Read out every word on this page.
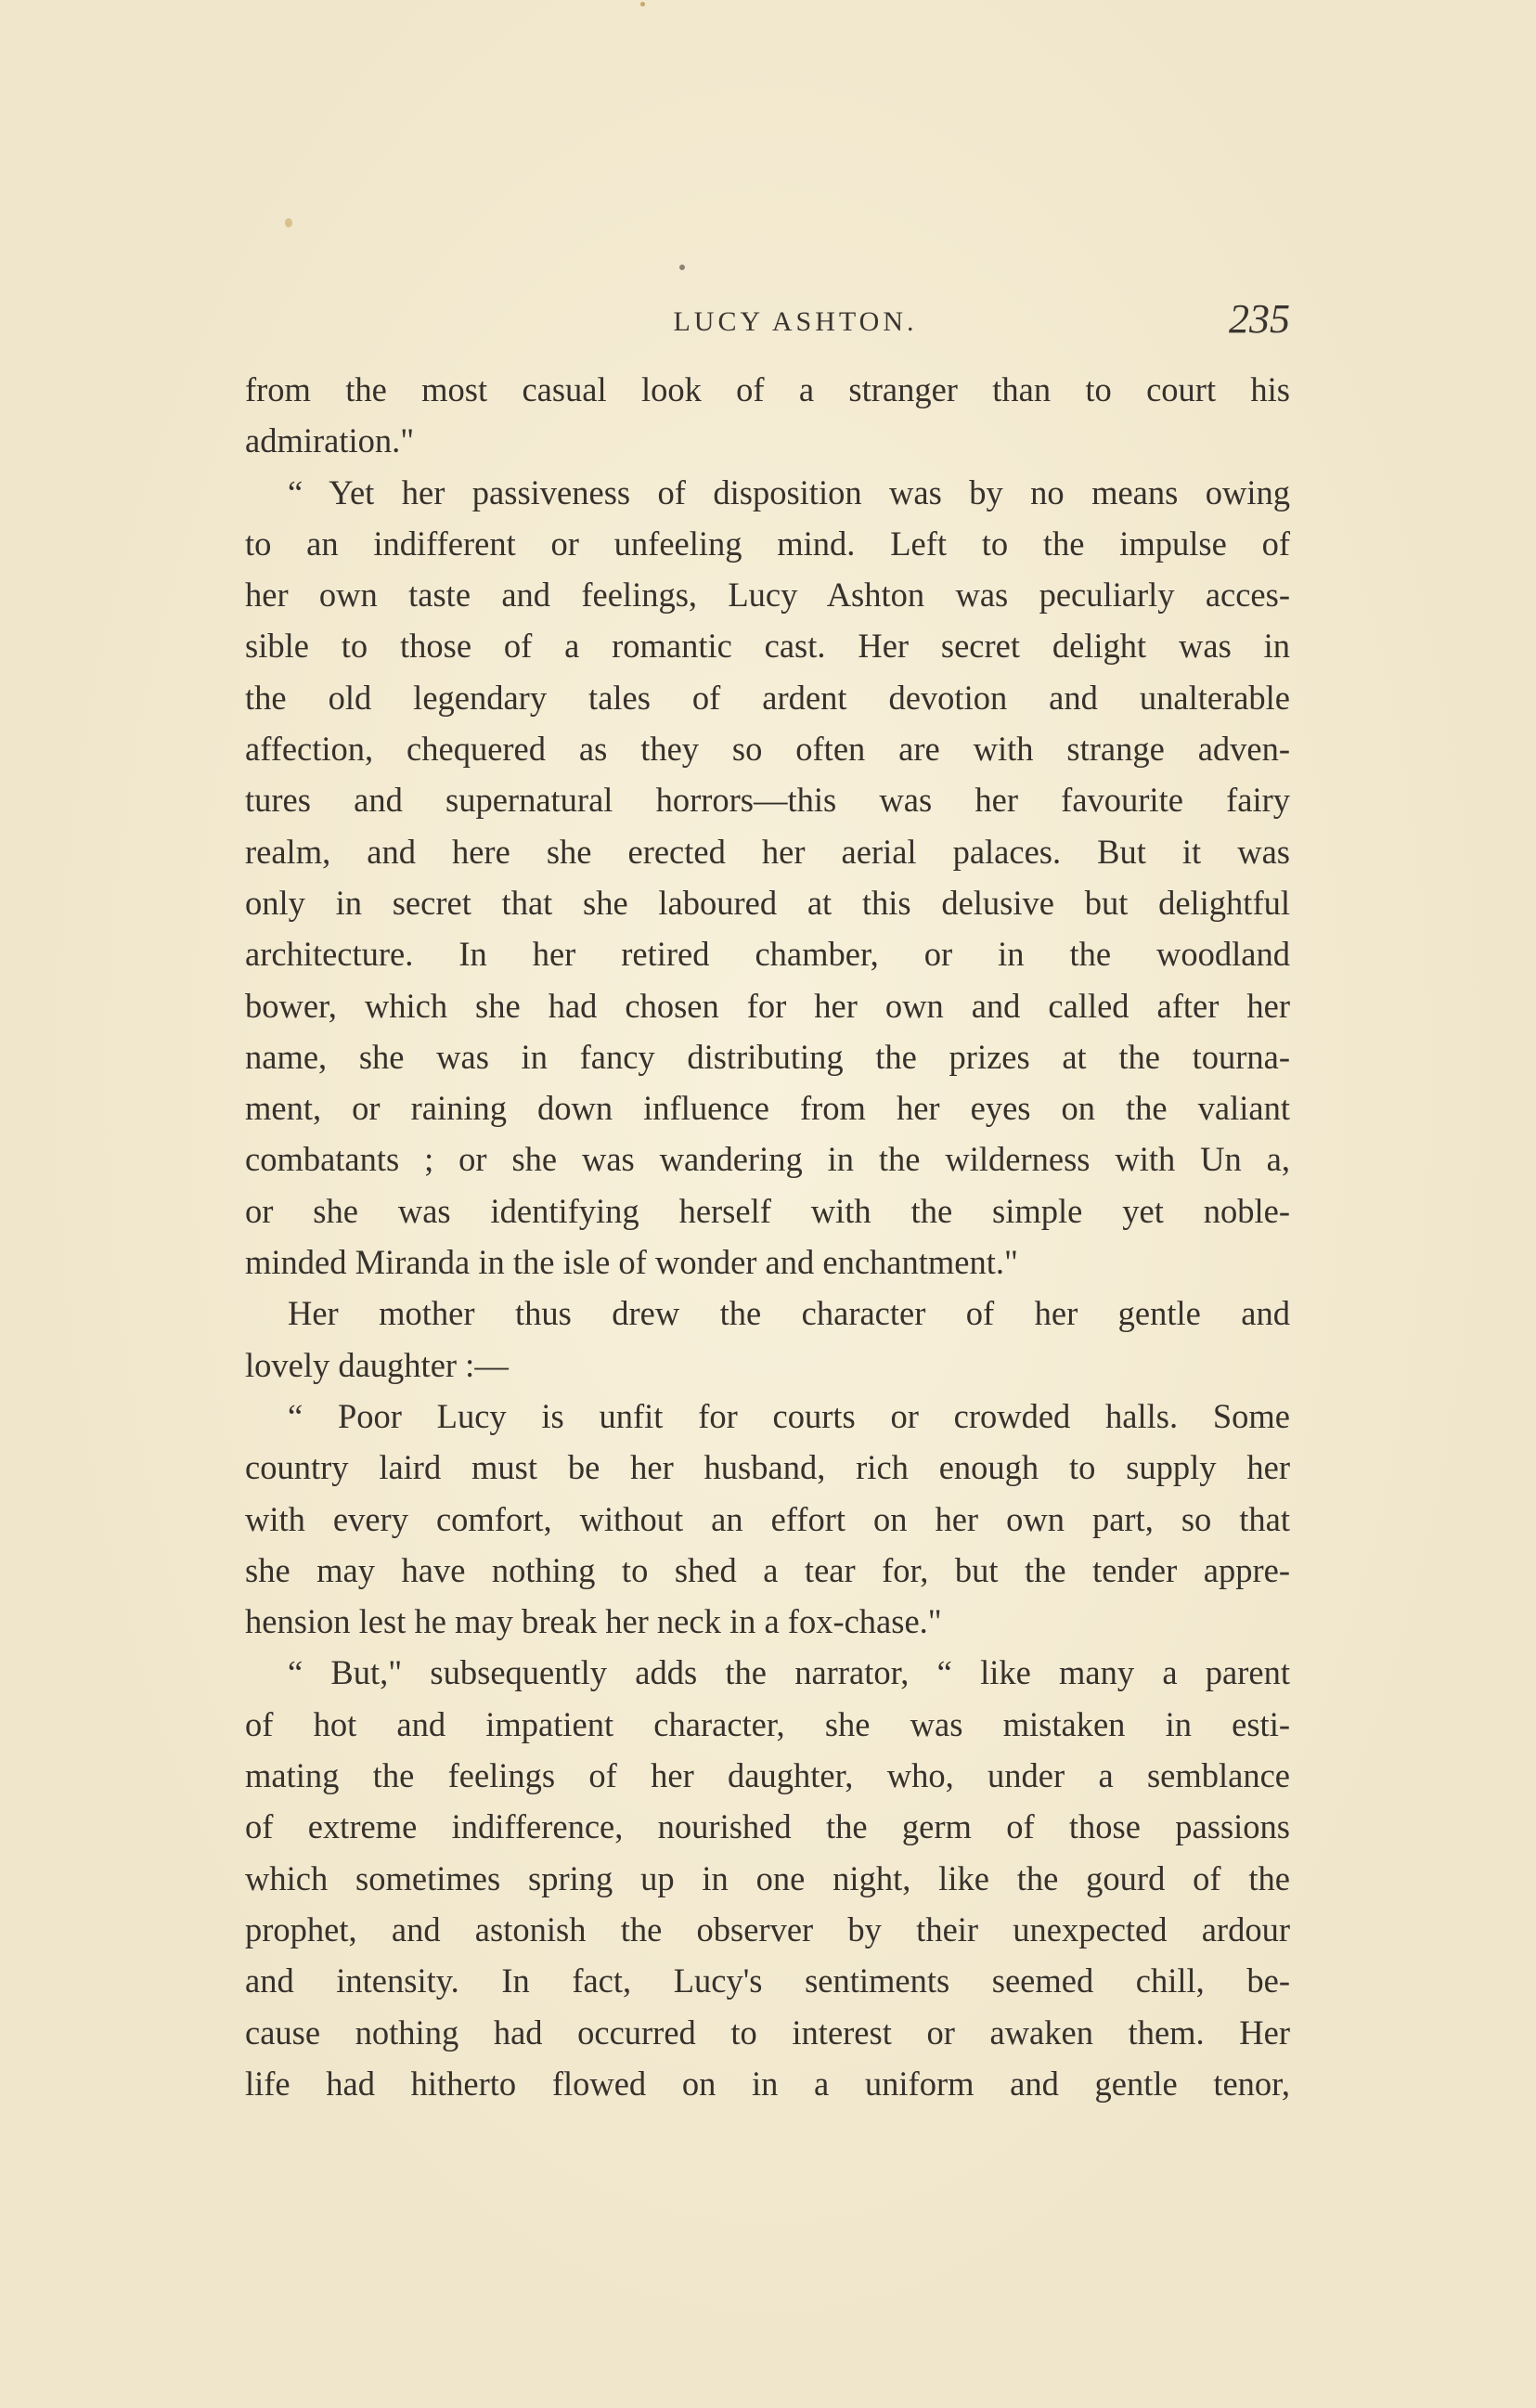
LUCY ASHTON.	235
from the most casual look of a stranger than to court his
admiration."
“ Yet her passiveness of disposition was by no means owing
to an indifferent or unfeeling mind. Left to the impulse of
her own taste and feelings, Lucy Ashton was peculiarly acces-
sible to those of a romantic cast. Her secret delight was in
the old legendary tales of ardent devotion and unalterable
affection, chequered as they so often are with strange adven-
tures and supernatural horrors—this was her favourite fairy
realm, and here she erected her aerial palaces. But it was
only in secret that she laboured at this delusive but delightful
architecture. In her retired chamber, or in the woodland
bower, which she had chosen for her own and called after her
name, she was in fancy distributing the prizes at the tourna-
ment, or raining down influence from her eyes on the valiant
combatants ; or she was wandering in the wilderness with Un a,
or she was identifying herself with the simple yet noble-
minded Miranda in the isle of wonder and enchantment."
Her mother thus drew the character of her gentle and
lovely daughter :—
“ Poor Lucy is unfit for courts or crowded halls. Some
country laird must be her husband, rich enough to supply her
with every comfort, without an effort on her own part, so that
she may have nothing to shed a tear for, but the tender appre-
hension lest he may break her neck in a fox-chase."
“ But," subsequently adds the narrator, “ like many a parent
of hot and impatient character, she was mistaken in esti-
mating the feelings of her daughter, who, under a semblance
of extreme indifference, nourished the germ of those passions
which sometimes spring up in one night, like the gourd of the
prophet, and astonish the observer by their unexpected ardour
and intensity. In fact, Lucy's sentiments seemed chill, be-
cause nothing had occurred to interest or awaken them. Her
life had hitherto flowed on in a uniform and gentle tenor,
